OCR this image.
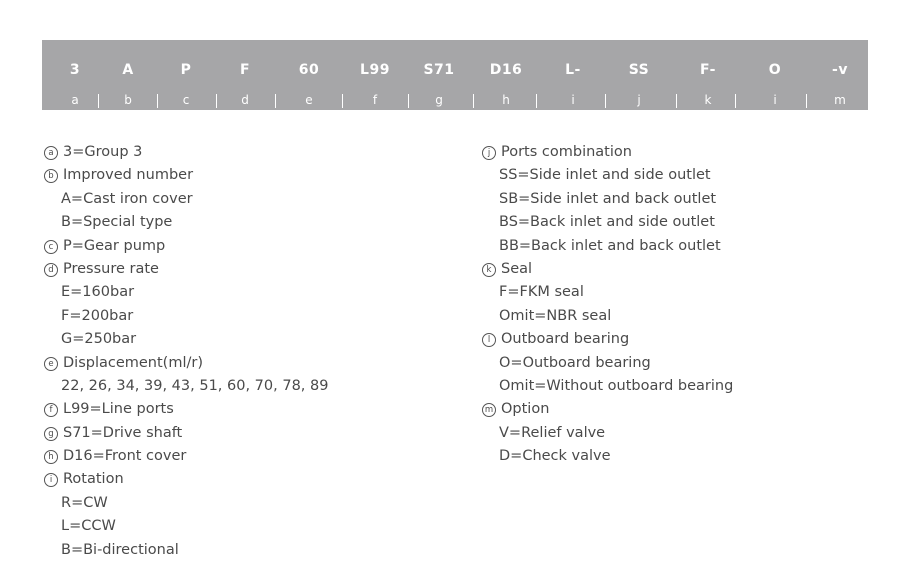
3
a
A
b
P
c
F
d
60
e
L99
f
S71
g
D16
h
L-
i
SS
j
F-
k
O
i
-v
m
a 3=Group 3
b Improved number
A=Cast iron cover
B=Special type
c P=Gear pump
d Pressure rate
E=160bar
F=200bar
G=250bar
e Displacement(ml/r)
22, 26, 34, 39, 43, 51, 60, 70, 78, 89
f L99=Line ports
g S71=Drive shaft
h D16=Front cover
i Rotation
R=CW
L=CCW
B=Bi-directional
j Ports combination
SS=Side inlet and side outlet
SB=Side inlet and back outlet
BS=Back inlet and side outlet
BB=Back inlet and back outlet
k Seal
F=FKM seal
Omit=NBR seal
l Outboard bearing
O=Outboard bearing
Omit=Without outboard bearing
m Option
V=Relief valve
D=Check valve
